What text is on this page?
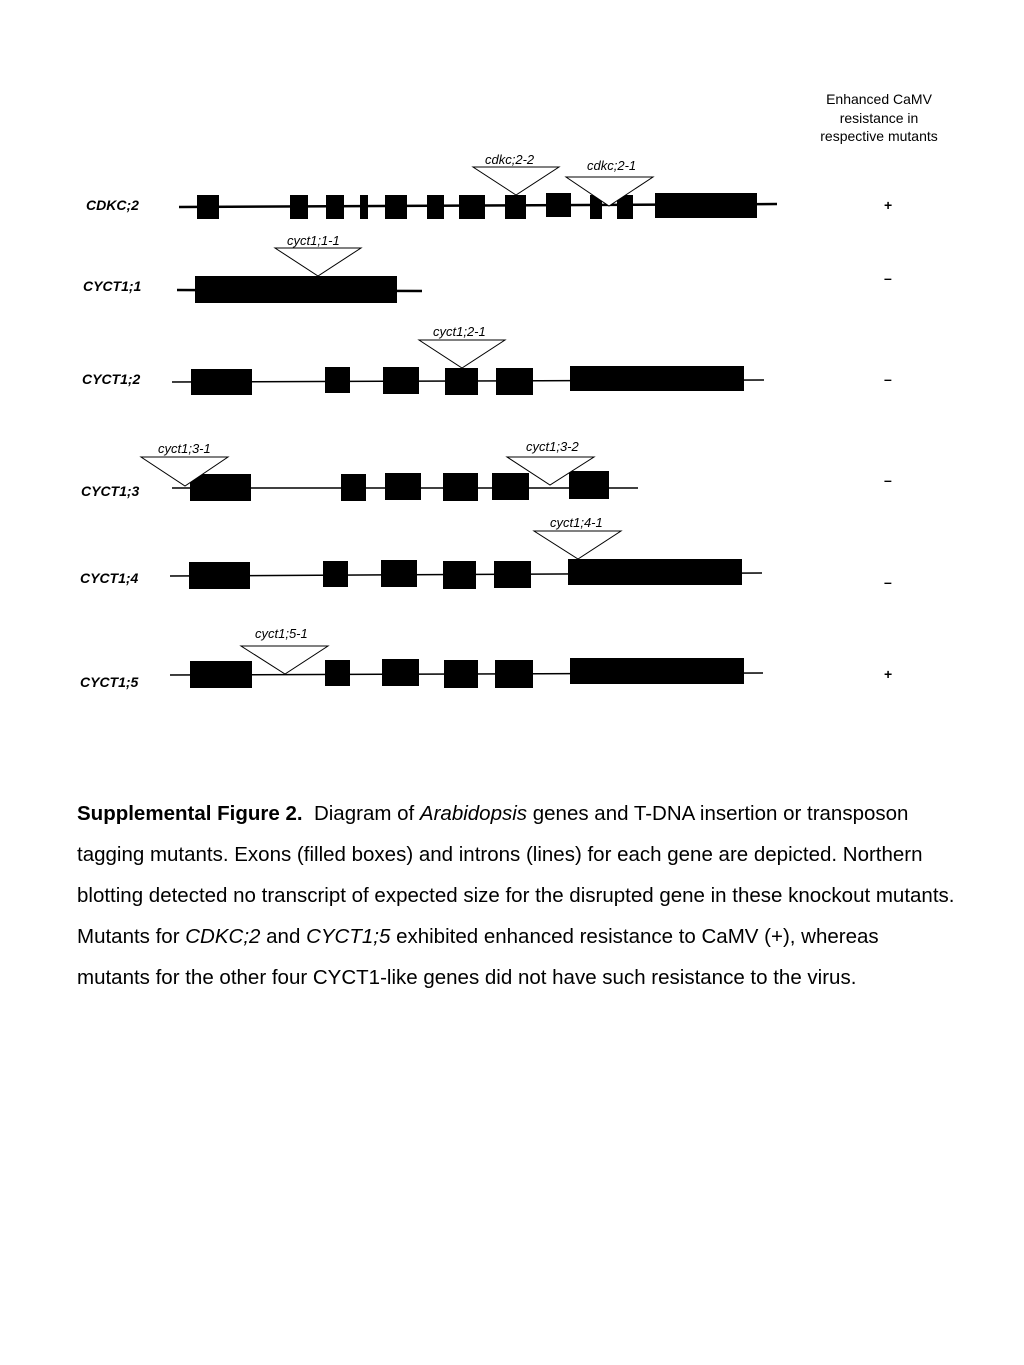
Enhanced CaMV
resistance in
respective mutants
CDKC;2
cdkc;2-2	cdkc;2-1
+
CYCT1;1
cyct1;1-1
–
CYCT1;2
cyct1;2-1
–
CYCT1;3
cyct1;3-1	cyct1;3-2
–
CYCT1;4
cyct1;4-1
–
CYCT1;5
cyct1;5-1
+
Supplemental Figure 2. Diagram of Arabidopsis genes and T-DNA insertion or transposon tagging mutants. Exons (filled boxes) and introns (lines) for each gene are depicted. Northern blotting detected no transcript of expected size for the disrupted gene in these knockout mutants. Mutants for CDKC;2 and CYCT1;5 exhibited enhanced resistance to CaMV (+), whereas mutants for the other four CYCT1-like genes did not have such resistance to the virus.
